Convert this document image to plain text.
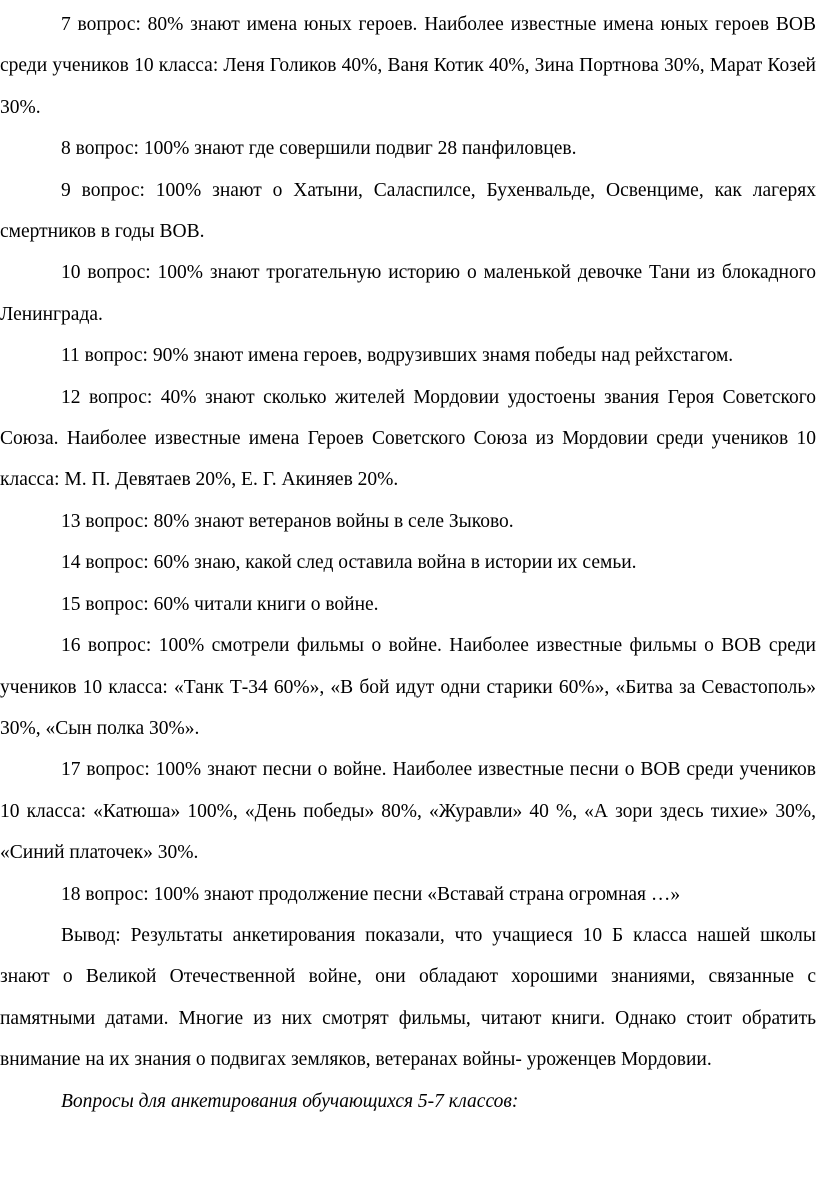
7 вопрос: 80% знают имена юных героев. Наиболее известные имена юных героев ВОВ среди учеников 10 класса: Леня Голиков 40%, Ваня Котик 40%, Зина Портнова 30%, Марат Козей 30%.

8 вопрос: 100% знают где совершили подвиг 28 панфиловцев.

9 вопрос: 100% знают о Хатыни, Саласпилсе, Бухенвальде, Освенциме, как лагерях смертников в годы ВОВ.

10 вопрос: 100% знают трогательную историю о маленькой девочке Тани из блокадного Ленинграда.

11 вопрос: 90% знают имена героев, водрузивших знамя победы над рейхстагом.

12 вопрос: 40% знают сколько жителей Мордовии удостоены звания Героя Советского Союза. Наиболее известные имена Героев Советского Союза из Мордовии среди учеников 10 класса: М. П. Девятаев 20%, Е. Г. Акиняев 20%.

13 вопрос: 80% знают ветеранов войны в селе Зыково.

14 вопрос: 60% знаю, какой след оставила война в истории их семьи.

15 вопрос: 60% читали книги о войне.

16 вопрос: 100% смотрели фильмы о войне. Наиболее известные фильмы о ВОВ среди учеников 10 класса: «Танк Т-34 60%», «В бой идут одни старики 60%», «Битва за Севастополь» 30%, «Сын полка 30%».

17 вопрос: 100% знают песни о войне. Наиболее известные песни о ВОВ среди учеников 10 класса: «Катюша» 100%, «День победы» 80%, «Журавли» 40 %, «А зори здесь тихие» 30%, «Синий платочек» 30%.

18 вопрос: 100% знают продолжение песни «Вставай страна огромная …»

Вывод: Результаты анкетирования показали, что учащиеся 10 Б класса нашей школы знают о Великой Отечественной войне, они обладают хорошими знаниями, связанные с памятными датами. Многие из них смотрят фильмы, читают книги. Однако стоит обратить внимание на их знания о подвигах земляков, ветеранах войны- уроженцев Мордовии.

Вопросы для анкетирования обучающихся 5-7 классов:
